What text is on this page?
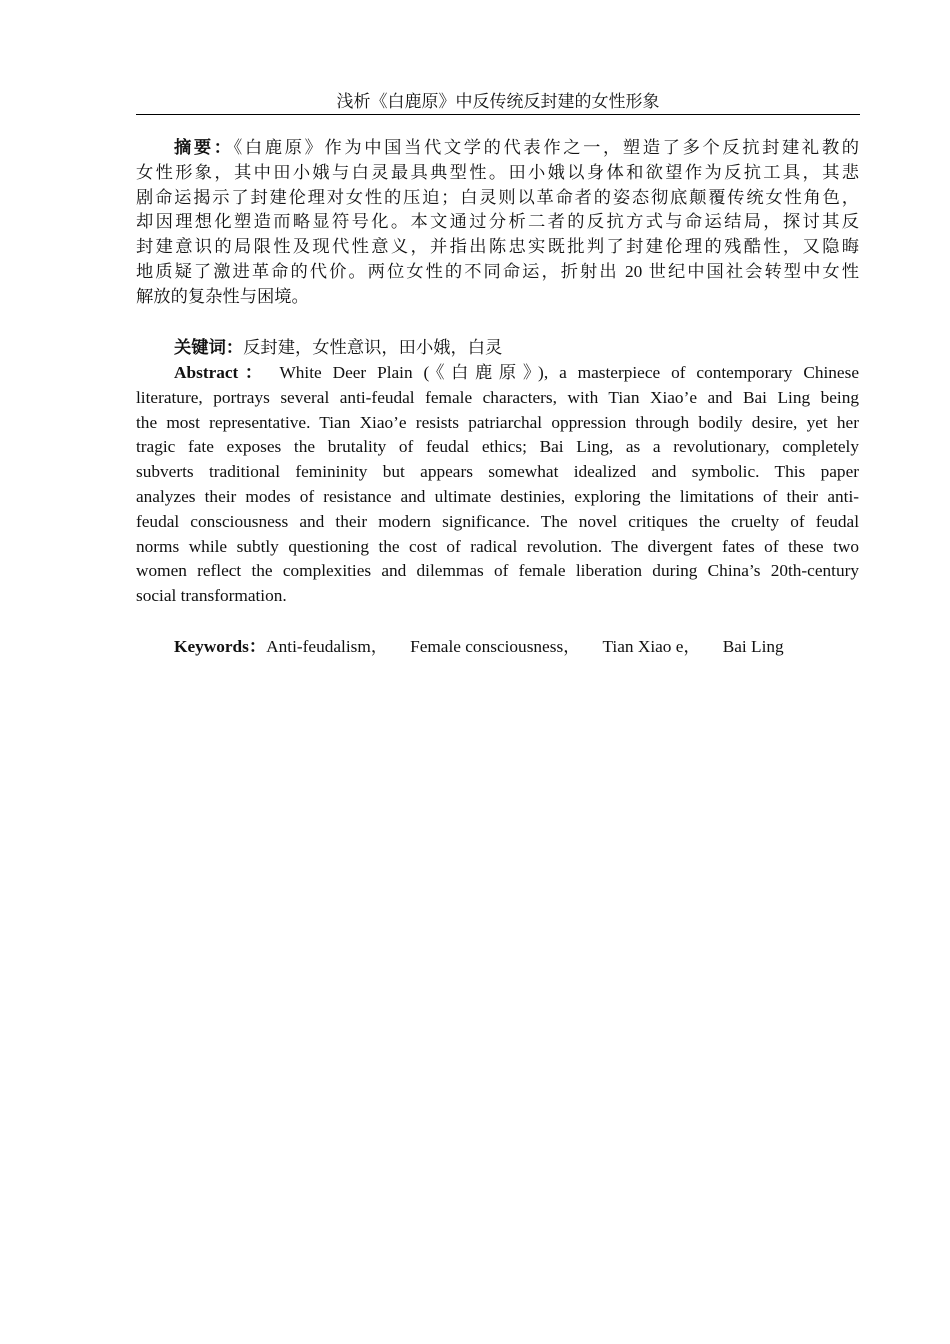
浅析《白鹿原》中反传统反封建的女性形象
摘要：《白鹿原》作为中国当代文学的代表作之一，塑造了多个反抗封建礼教的
女性形象，其中田小娥与白灵最具典型性。田小娥以身体和欲望作为反抗工具，其悲
剧命运揭示了封建伦理对女性的压迫；白灵则以革命者的姿态彻底颠覆传统女性角色，
却因理想化塑造而略显符号化。本文通过分析二者的反抗方式与命运结局，探讨其反
封建意识的局限性及现代性意义，并指出陈忠实既批判了封建伦理的残酷性，又隐晦
地质疑了激进革命的代价。两位女性的不同命运，折射出 20 世纪中国社会转型中女性
解放的复杂性与困境。
关键词：反封建，女性意识，田小娥，白灵
Abstract： White Deer Plain (《白鹿原》), a masterpiece of contemporary Chinese
literature, portrays several anti-feudal female characters, with Tian Xiao’e and Bai Ling being
the most representative. Tian Xiao’e resists patriarchal oppression through bodily desire, yet her
tragic fate exposes the brutality of feudal ethics; Bai Ling, as a revolutionary, completely
subverts traditional femininity but appears somewhat idealized and symbolic. This paper
analyzes their modes of resistance and ultimate destinies, exploring the limitations of their anti-
feudal consciousness and their modern significance. The novel critiques the cruelty of feudal
norms while subtly questioning the cost of radical revolution. The divergent fates of these two
women reflect the complexities and dilemmas of female liberation during China’s 20th-century
social transformation.
Keywords：Anti-feudalism， Female consciousness， Tian Xiao e， Bai Ling
